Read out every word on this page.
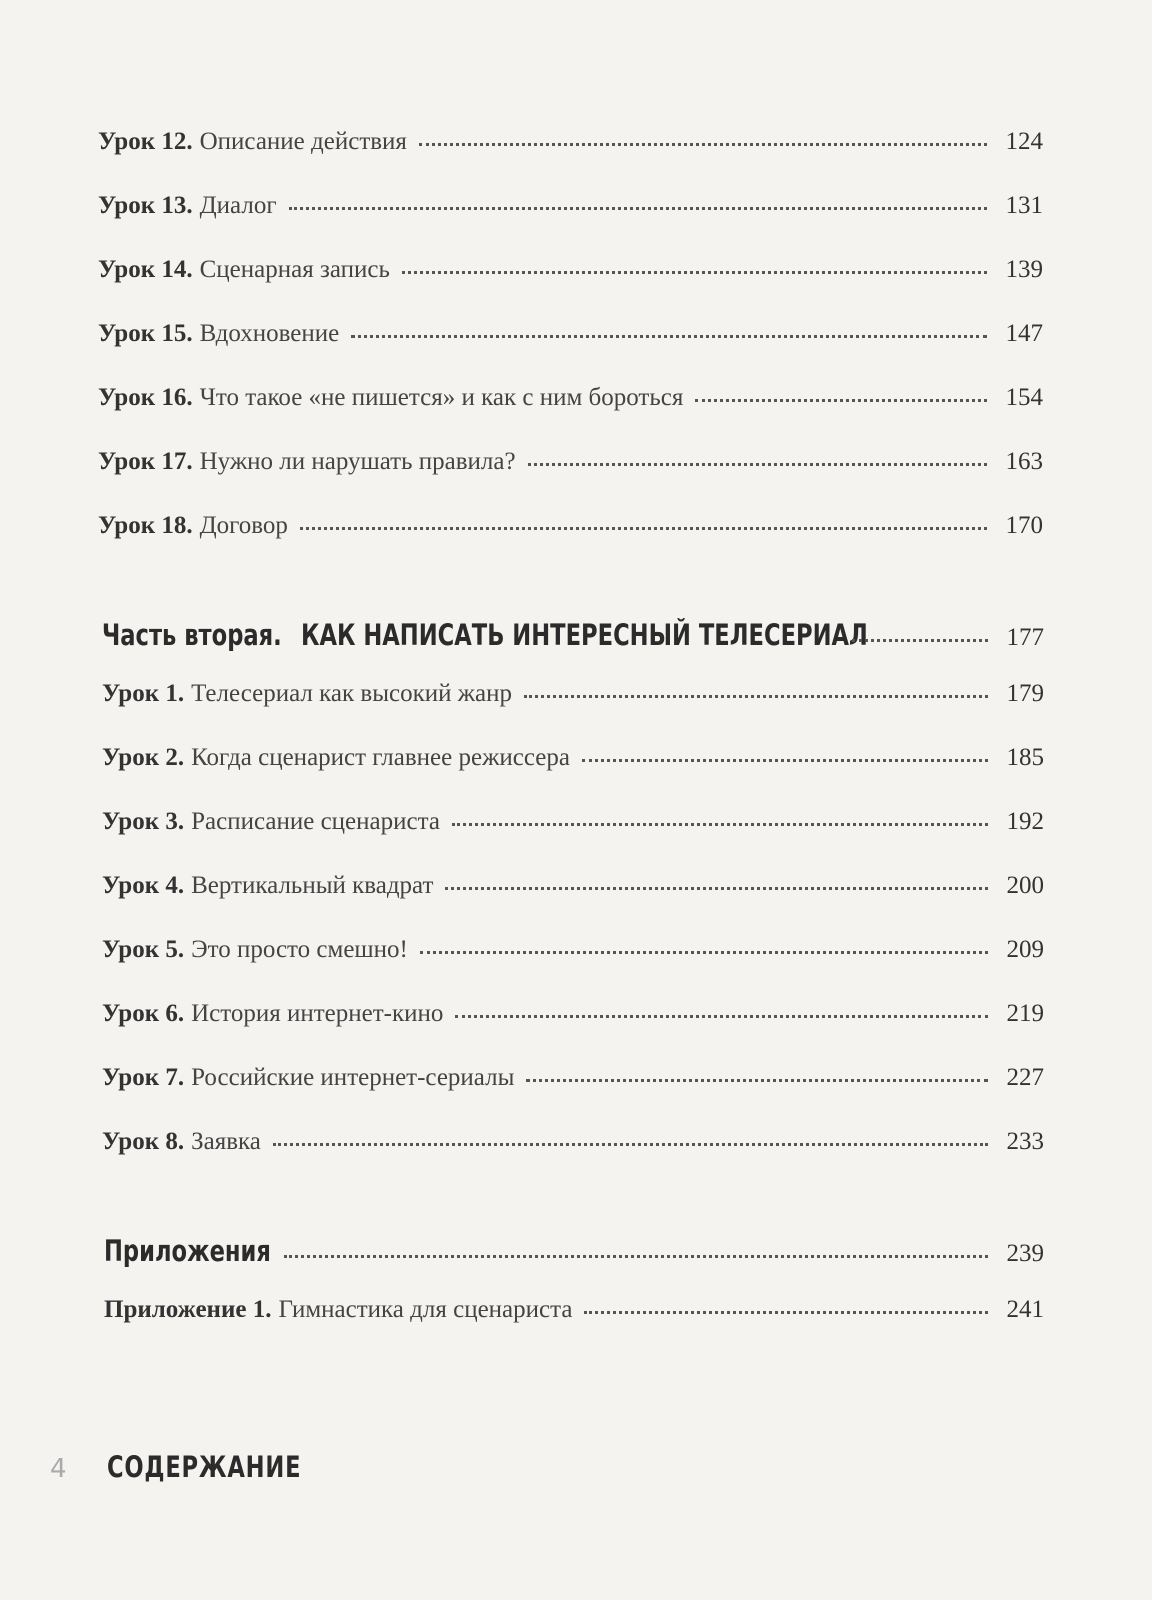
Урок 12. Описание действия	124
Урок 13. Диалог	131
Урок 14. Сценарная запись	139
Урок 15. Вдохновение	147
Урок 16. Что такое «не пишется» и как с ним бороться	154
Урок 17. Нужно ли нарушать правила?	163
Урок 18. Договор	170
Часть вторая. КАК НАПИСАТЬ ИНТЕРЕСНЫЙ ТЕЛЕСЕРИАЛ	177
Урок 1. Телесериал как высокий жанр	179
Урок 2. Когда сценарист главнее режиссера	185
Урок 3. Расписание сценариста	192
Урок 4. Вертикальный квадрат	200
Урок 5. Это просто смешно!	209
Урок 6. История интернет-кино	219
Урок 7. Российские интернет-сериалы	227
Урок 8. Заявка	233
Приложения	239
Приложение 1. Гимнастика для сценариста	241
4 СОДЕРЖАНИЕ
